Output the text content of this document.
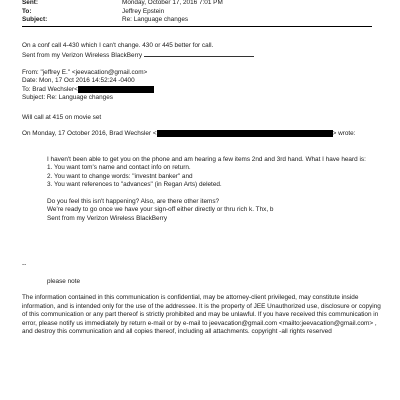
Sent:	Monday, October 17, 2016 7:01 PM
To:	Jeffrey Epstein
Subject:	Re: Language changes
On a conf call 4-430 which I can't change. 430 or 445 better for call.
Sent from my Verizon Wireless BlackBerry
From: "jeffrey E." <jeevacation@gmail.com>
Date: Mon, 17 Oct 2016 14:52:24 -0400
To: Brad Wechsler<
Subject: Re: Language changes
Will call at 415 on movie set
On Monday, 17 October 2016, Brad Wechsler <	> wrote:
I haven't been able to get you on the phone and am hearing a few items 2nd and 3rd hand. What I have heard is:
1. You want tom's name and contact info on return.
2. You want to change words: "investnt banker" and
3. You want references to "advances" (in Regan Arts) deleted.
Do you feel this isn't happening? Also, are there other items?
We're ready to go once we have your sign-off either directly or thru rich k. Thx, b
Sent from my Verizon Wireless BlackBerry
--
please note
The information contained in this communication is confidential, may be attorney-client privileged, may constitute inside information, and is intended only for the use of the addressee. It is the property of JEE Unauthorized use, disclosure or copying of this communication or any part thereof is strictly prohibited and may be unlawful. If you have received this communication in error, please notify us immediately by return e-mail or by e-mail to jeevacation@gmail.com <mailto:jeevacation@gmail.com> , and destroy this communication and all copies thereof, including all attachments. copyright -all rights reserved
